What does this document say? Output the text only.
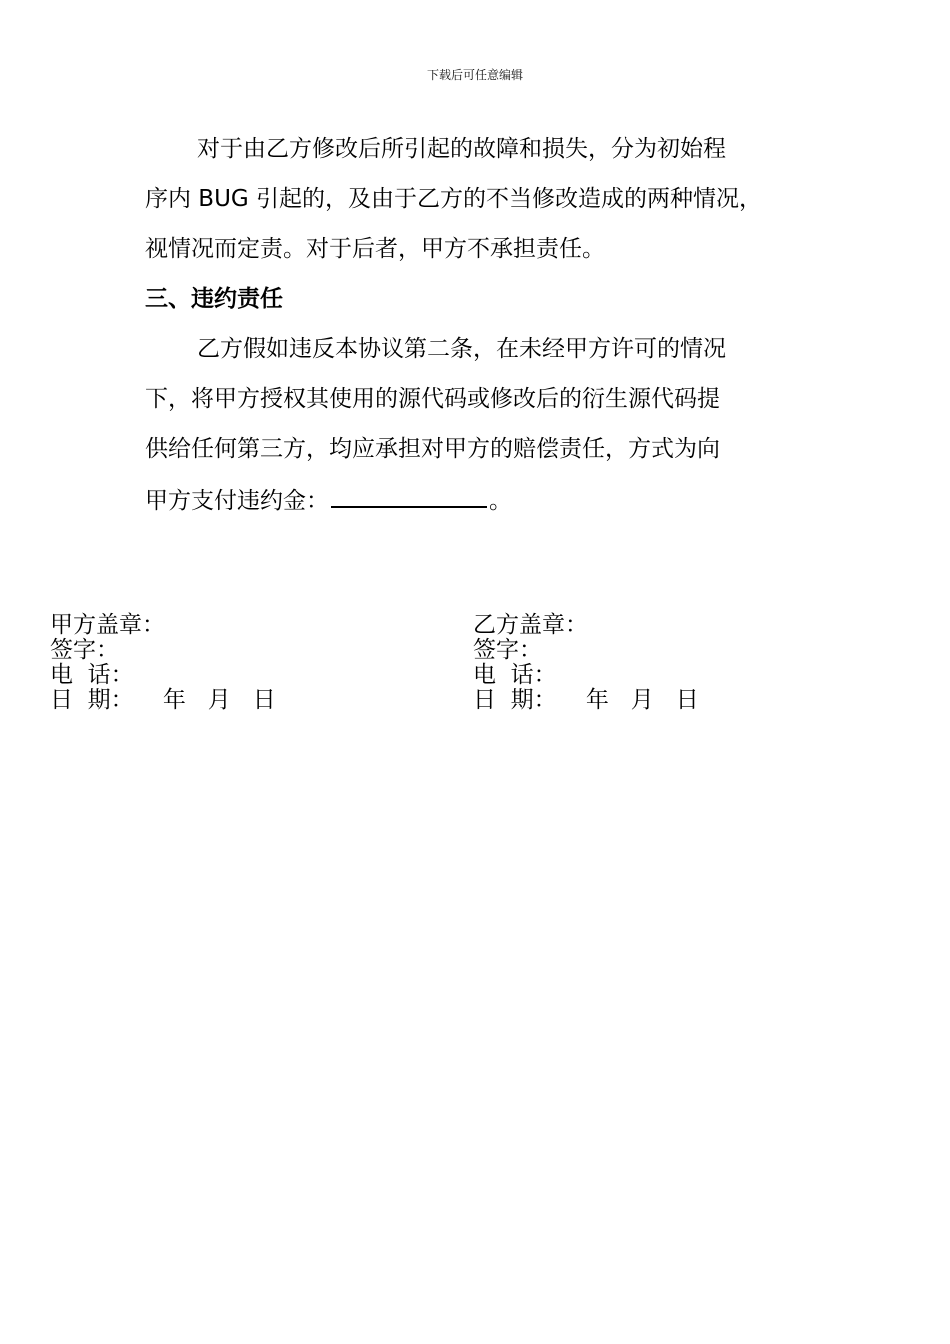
下载后可任意编辑
对于由乙方修改后所引起的故障和损失，分为初始程
序内 BUG 引起的，及由于乙方的不当修改造成的两种情况，
视情况而定责。对于后者，甲方不承担责任。
三、违约责任
乙方假如违反本协议第二条，在未经甲方许可的情况
下，将甲方授权其使用的源代码或修改后的衍生源代码提
供给任何第三方，均应承担对甲方的赔偿责任，方式为向
甲方支付违约金：	。
甲方盖章：
签字：
电  话：
日  期：    年   月   日
乙方盖章：
签字：
电  话：
日  期：    年   月   日
